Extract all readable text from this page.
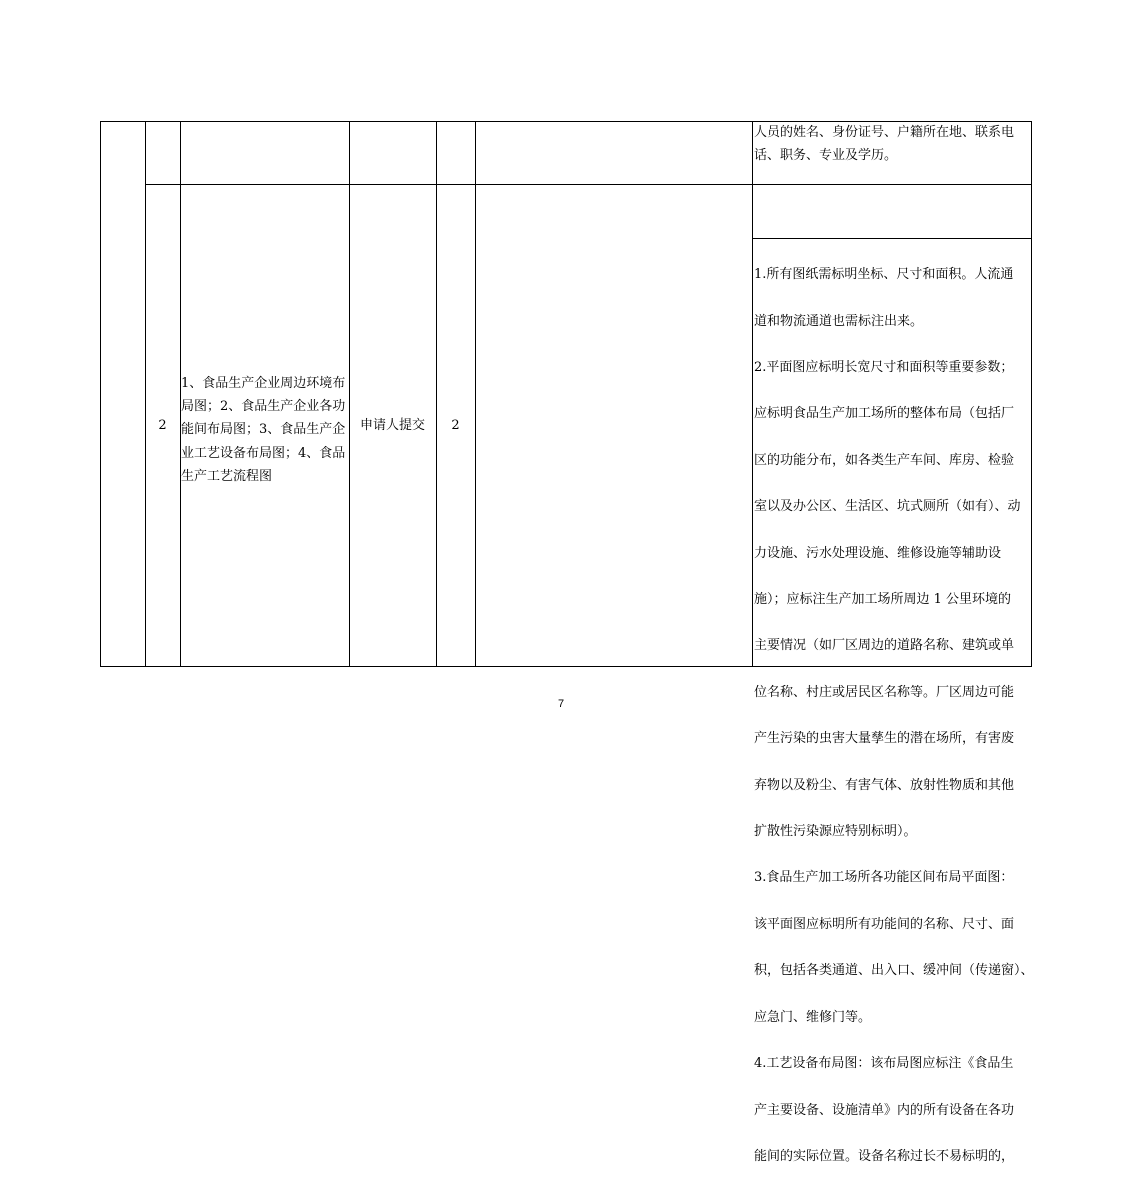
人员的姓名、身份证号、户籍所在地、联系电
话、职务、专业及学历。
2
1、食品生产企业周边环境布局图；2、食品生产企业各功能间布局图；3、食品生产企业工艺设备布局图；4、食品生产工艺流程图
申请人提交	2

1.所有图纸需标明坐标、尺寸和面积。人流通

道和物流通道也需标注出来。

2.平面图应标明长宽尺寸和面积等重要参数；

应标明食品生产加工场所的整体布局（包括厂

区的功能分布，如各类生产车间、库房、检验

室以及办公区、生活区、坑式厕所（如有）、动

力设施、污水处理设施、维修设施等辅助设

施）；应标注生产加工场所周边 1 公里环境的

主要情况（如厂区周边的道路名称、建筑或单

位名称、村庄或居民区名称等。厂区周边可能

产生污染的虫害大量孳生的潜在场所，有害废

弃物以及粉尘、有害气体、放射性物质和其他

扩散性污染源应特别标明）。

3.食品生产加工场所各功能区间布局平面图：

该平面图应标明所有功能间的名称、尺寸、面

积，包括各类通道、出入口、缓冲间（传递窗）、

应急门、维修门等。

4.工艺设备布局图：该布局图应标注《食品生

产主要设备、设施清单》内的所有设备在各功

能间的实际位置。设备名称过长不易标明的，

7
